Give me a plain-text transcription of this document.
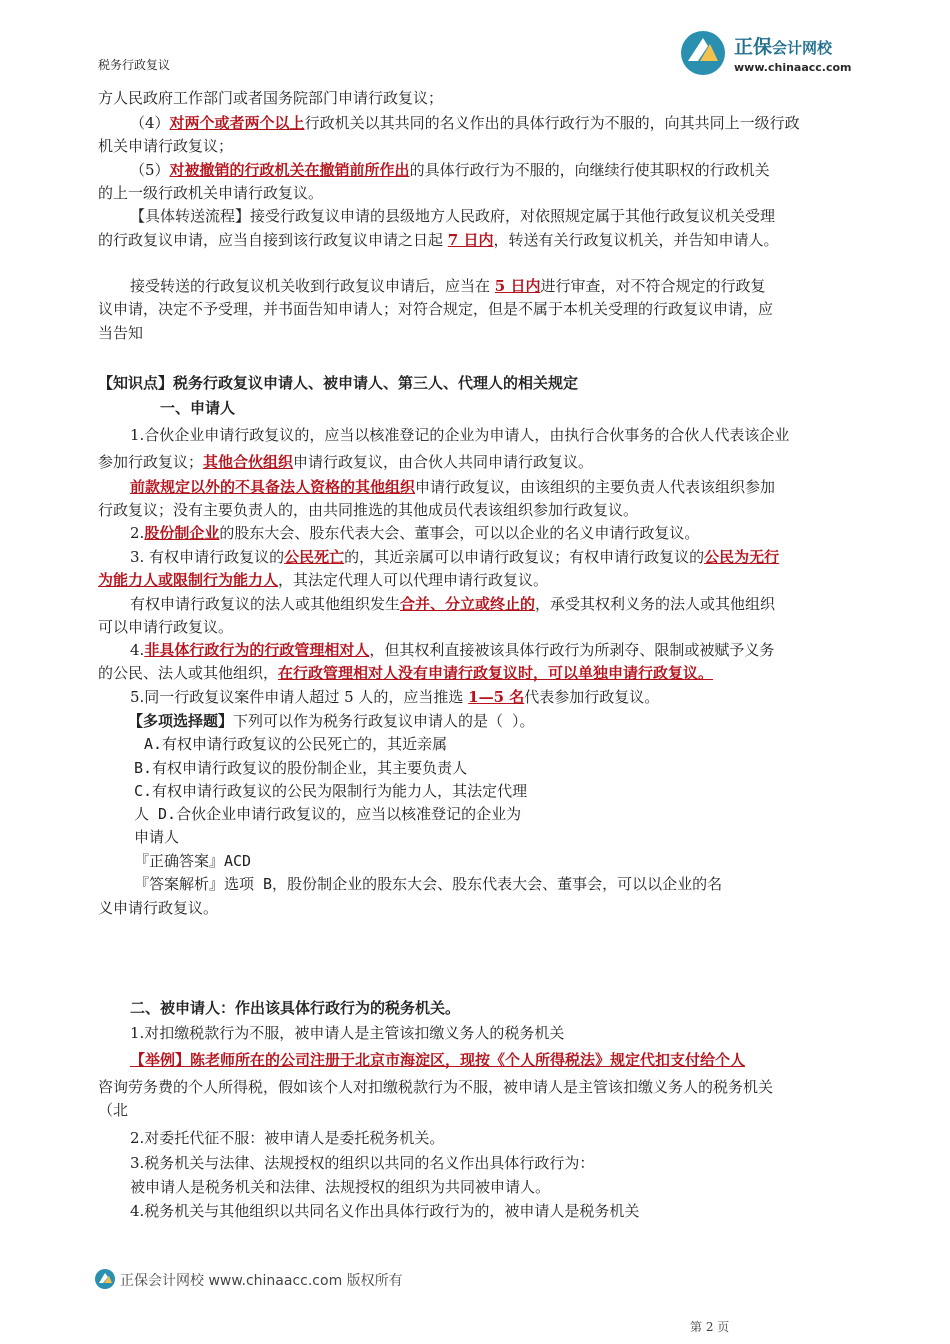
正保会计网校
www.chinaacc.com
税务行政复议
方人民政府工作部门或者国务院部门申请行政复议；
（4）对两个或者两个以上行政机关以其共同的名义作出的具体行政行为不服的，向其共同上一级行政
机关申请行政复议；
（5）对被撤销的行政机关在撤销前所作出的具体行政行为不服的，向继续行使其职权的行政机关
的上一级行政机关申请行政复议。
【具体转送流程】接受行政复议申请的县级地方人民政府，对依照规定属于其他行政复议机关受理
的行政复议申请，应当自接到该行政复议申请之日起 7 日内，转送有关行政复议机关，并告知申请人。
接受转送的行政复议机关收到行政复议申请后，应当在 5 日内进行审查，对不符合规定的行政复
议申请，决定不予受理，并书面告知申请人；对符合规定，但是不属于本机关受理的行政复议申请，应
当告知
【知识点】税务行政复议申请人、被申请人、第三人、代理人的相关规定
一、申请人
1.合伙企业申请行政复议的，应当以核准登记的企业为申请人，由执行合伙事务的合伙人代表该企业
参加行政复议；其他合伙组织申请行政复议，由合伙人共同申请行政复议。
前款规定以外的不具备法人资格的其他组织申请行政复议，由该组织的主要负责人代表该组织参加
行政复议；没有主要负责人的，由共同推选的其他成员代表该组织参加行政复议。
2.股份制企业的股东大会、股东代表大会、董事会，可以以企业的名义申请行政复议。
3. 有权申请行政复议的公民死亡的，其近亲属可以申请行政复议；有权申请行政复议的公民为无行
为能力人或限制行为能力人，其法定代理人可以代理申请行政复议。
有权申请行政复议的法人或其他组织发生合并、分立或终止的，承受其权利义务的法人或其他组织
可以申请行政复议。
4.非具体行政行为的行政管理相对人，但其权利直接被该具体行政行为所剥夺、限制或被赋予义务
的公民、法人或其他组织，在行政管理相对人没有申请行政复议时，可以单独申请行政复议。
5.同一行政复议案件申请人超过 5 人的，应当推选 1—5 名代表参加行政复议。
【多项选择题】下列可以作为税务行政复议申请人的是（ ）。
A.有权申请行政复议的公民死亡的，其近亲属
B.有权申请行政复议的股份制企业，其主要负责人
C.有权申请行政复议的公民为限制行为能力人，其法定代理
人 D.合伙企业申请行政复议的，应当以核准登记的企业为
申请人
『正确答案』ACD
『答案解析』选项 B，股份制企业的股东大会、股东代表大会、董事会，可以以企业的名
义申请行政复议。
二、被申请人：作出该具体行政行为的税务机关。
1.对扣缴税款行为不服，被申请人是主管该扣缴义务人的税务机关
【举例】陈老师所在的公司注册于北京市海淀区，现按《个人所得税法》规定代扣支付给个人
咨询劳务费的个人所得税，假如该个人对扣缴税款行为不服，被申请人是主管该扣缴义务人的税务机关
（北
2.对委托代征不服：被申请人是委托税务机关。
3.税务机关与法律、法规授权的组织以共同的名义作出具体行政行为：
被申请人是税务机关和法律、法规授权的组织为共同被申请人。
4.税务机关与其他组织以共同名义作出具体行政行为的，被申请人是税务机关
正保会计网校 www.chinaacc.com 版权所有
第 2 页
